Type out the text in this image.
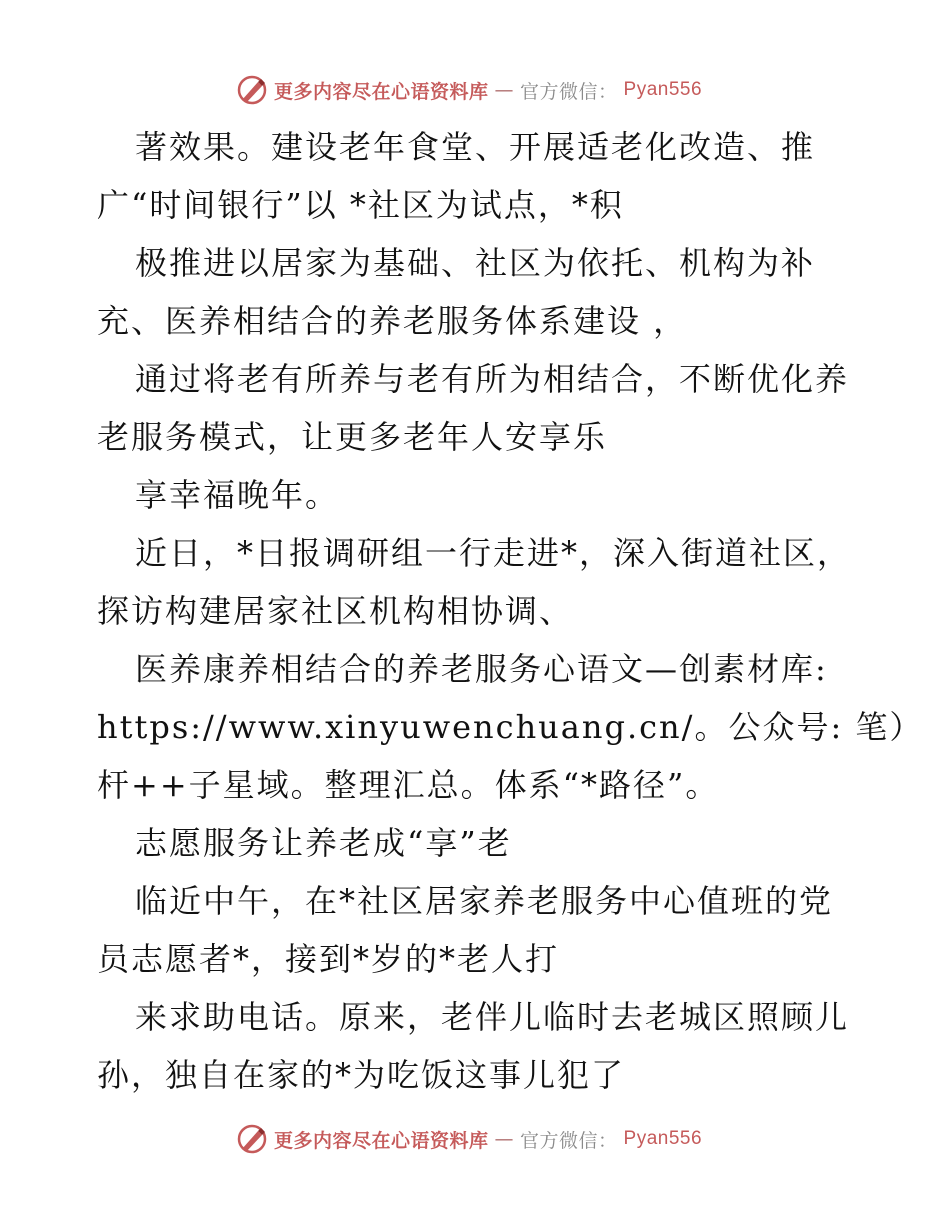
更多内容尽在心语资料库 — 官方微信： Pyan556
著效果。建设老年食堂、开展适老化改造、推
广“时间银行”以 *社区为试点，*积
极推进以居家为基础、社区为依托、机构为补
充、医养相结合的养老服务体系建设 ，
通过将老有所养与老有所为相结合，不断优化养
老服务模式，让更多老年人安享乐
享幸福晚年。
近日，*日报调研组一行走进*，深入街道社区，
探访构建居家社区机构相协调、
医养康养相结合的养老服务心语文—创素材库:
https://www.xinyuwenchuang.cn/。公众号: 笔）
杆++子星域。整理汇总。体系“*路径”。
志愿服务让养老成“享”老
临近中午，在*社区居家养老服务中心值班的党
员志愿者*，接到*岁的*老人打
来求助电话。原来，老伴儿临时去老城区照顾儿
孙，独自在家的*为吃饭这事儿犯了
更多内容尽在心语资料库 — 官方微信： Pyan556
